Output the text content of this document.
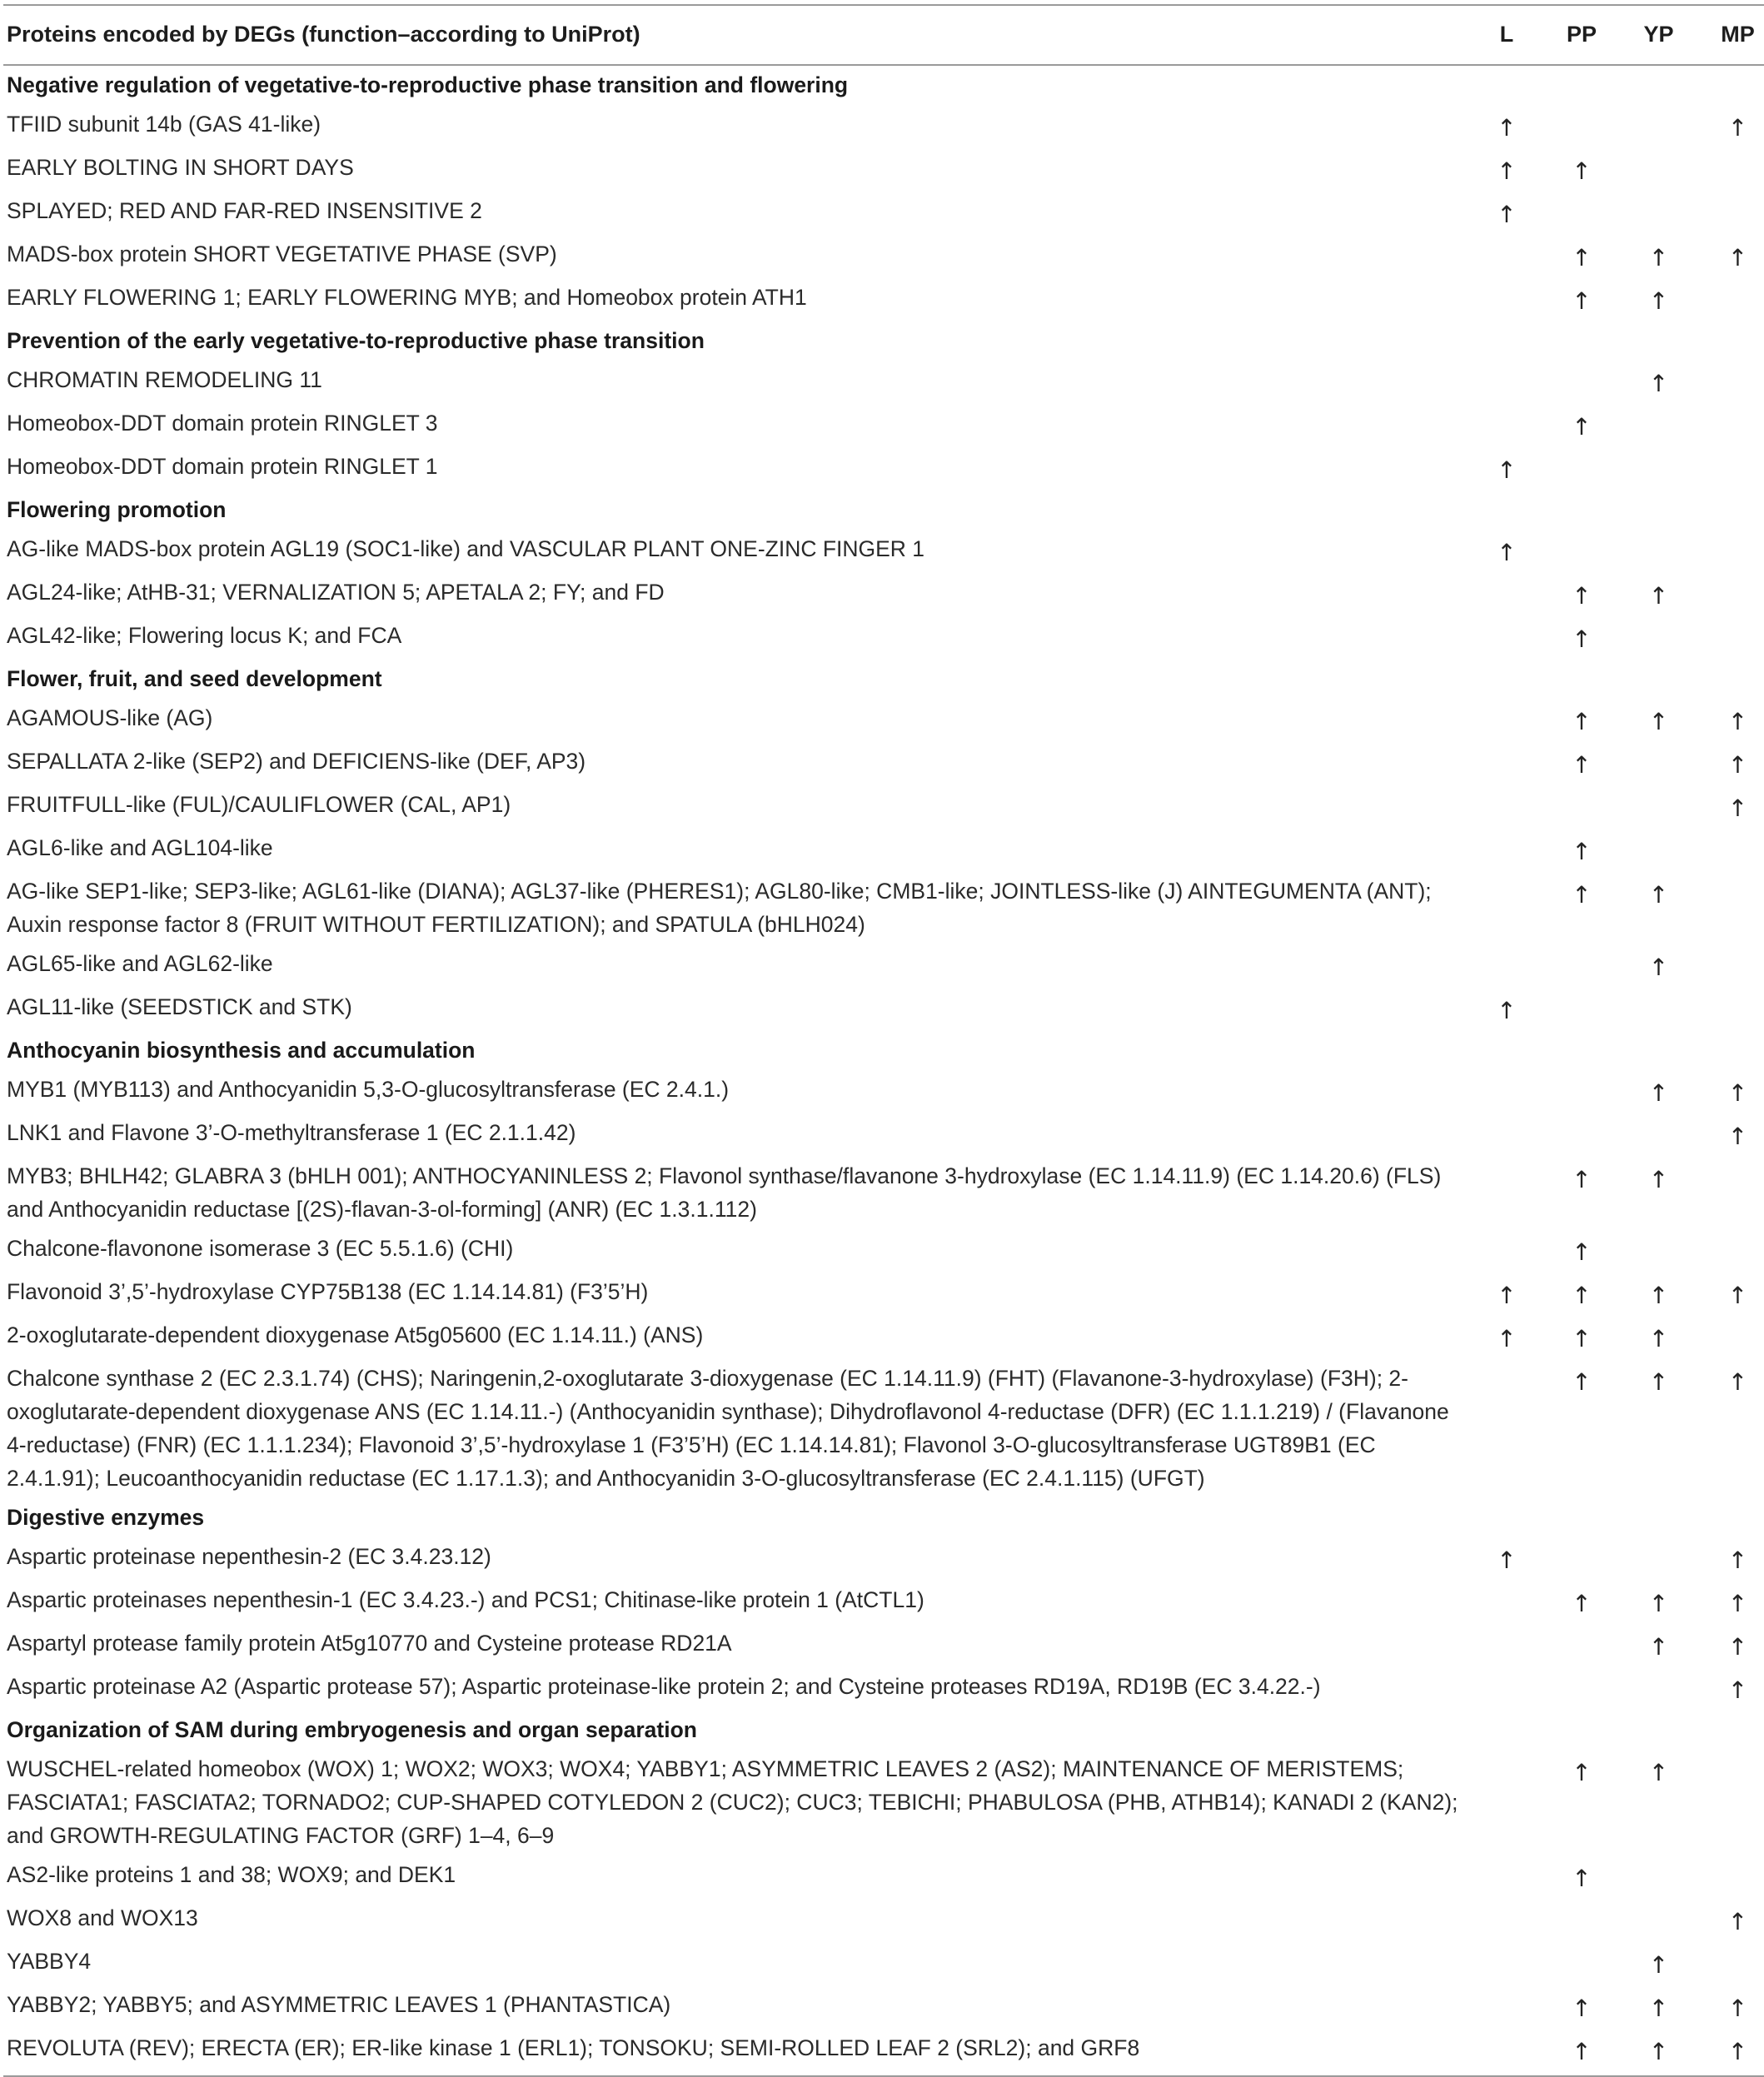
Proteins encoded by DEGs (function–according to UniProt)	L	PP	YP	MP
Negative regulation of vegetative-to-reproductive phase transition and flowering				
TFIID subunit 14b (GAS 41-like)	↑			↑
EARLY BOLTING IN SHORT DAYS	↑	↑		
SPLAYED; RED AND FAR-RED INSENSITIVE 2	↑			
MADS-box protein SHORT VEGETATIVE PHASE (SVP)		↑	↑	↑
EARLY FLOWERING 1; EARLY FLOWERING MYB; and Homeobox protein ATH1		↑	↑	
Prevention of the early vegetative-to-reproductive phase transition				
CHROMATIN REMODELING 11			↑	
Homeobox-DDT domain protein RINGLET 3		↑		
Homeobox-DDT domain protein RINGLET 1	↑			
Flowering promotion				
AG-like MADS-box protein AGL19 (SOC1-like) and VASCULAR PLANT ONE-ZINC FINGER 1	↑			
AGL24-like; AtHB-31; VERNALIZATION 5; APETALA 2; FY; and FD		↑	↑	
AGL42-like; Flowering locus K; and FCA		↑		
Flower, fruit, and seed development				
AGAMOUS-like (AG)		↑	↑	↑
SEPALLATA 2-like (SEP2) and DEFICIENS-like (DEF, AP3)		↑		↑
FRUITFULL-like (FUL)/CAULIFLOWER (CAL, AP1)				↑
AGL6-like and AGL104-like		↑		
AG-like SEP1-like; SEP3-like; AGL61-like (DIANA); AGL37-like (PHERES1); AGL80-like; CMB1-like; JOINTLESS-like (J) AINTEGUMENTA (ANT); Auxin response factor 8 (FRUIT WITHOUT FERTILIZATION); and SPATULA (bHLH024)		↑	↑	
AGL65-like and AGL62-like			↑	
AGL11-like (SEEDSTICK and STK)	↑			
Anthocyanin biosynthesis and accumulation				
MYB1 (MYB113) and Anthocyanidin 5,3-O-glucosyltransferase (EC 2.4.1.)			↑	↑
LNK1 and Flavone 3’-O-methyltransferase 1 (EC 2.1.1.42)				↑
MYB3; BHLH42; GLABRA 3 (bHLH 001); ANTHOCYANINLESS 2; Flavonol synthase/flavanone 3-hydroxylase (EC 1.14.11.9) (EC 1.14.20.6) (FLS) and Anthocyanidin reductase [(2S)-flavan-3-ol-forming] (ANR) (EC 1.3.1.112)		↑	↑	
Chalcone-flavonone isomerase 3 (EC 5.5.1.6) (CHI)		↑		
Flavonoid 3’,5’-hydroxylase CYP75B138 (EC 1.14.14.81) (F3’5’H)	↑	↑	↑	↑
2-oxoglutarate-dependent dioxygenase At5g05600 (EC 1.14.11.) (ANS)	↑	↑	↑	
Chalcone synthase 2 (EC 2.3.1.74) (CHS); Naringenin,2-oxoglutarate 3-dioxygenase (EC 1.14.11.9) (FHT) (Flavanone-3-hydroxylase) (F3H); 2-oxoglutarate-dependent dioxygenase ANS (EC 1.14.11.-) (Anthocyanidin synthase); Dihydroflavonol 4-reductase (DFR) (EC 1.1.1.219) / (Flavanone 4-reductase) (FNR) (EC 1.1.1.234); Flavonoid 3’,5’-hydroxylase 1 (F3’5’H) (EC 1.14.14.81); Flavonol 3-O-glucosyltransferase UGT89B1 (EC 2.4.1.91); Leucoanthocyanidin reductase (EC 1.17.1.3); and Anthocyanidin 3-O-glucosyltransferase (EC 2.4.1.115) (UFGT)		↑	↑	↑
Digestive enzymes				
Aspartic proteinase nepenthesin-2 (EC 3.4.23.12)	↑			↑
Aspartic proteinases nepenthesin-1 (EC 3.4.23.-) and PCS1; Chitinase-like protein 1 (AtCTL1)		↑	↑	↑
Aspartyl protease family protein At5g10770 and Cysteine protease RD21A			↑	↑
Aspartic proteinase A2 (Aspartic protease 57); Aspartic proteinase-like protein 2; and Cysteine proteases RD19A, RD19B (EC 3.4.22.-)				↑
Organization of SAM during embryogenesis and organ separation				
WUSCHEL-related homeobox (WOX) 1; WOX2; WOX3; WOX4; YABBY1; ASYMMETRIC LEAVES 2 (AS2); MAINTENANCE OF MERISTEMS; FASCIATA1; FASCIATA2; TORNADO2; CUP-SHAPED COTYLEDON 2 (CUC2); CUC3; TEBICHI; PHABULOSA (PHB, ATHB14); KANADI 2 (KAN2); and GROWTH-REGULATING FACTOR (GRF) 1–4, 6–9		↑	↑	
AS2-like proteins 1 and 38; WOX9; and DEK1		↑		
WOX8 and WOX13				↑
YABBY4			↑	
YABBY2; YABBY5; and ASYMMETRIC LEAVES 1 (PHANTASTICA)		↑	↑	↑
REVOLUTA (REV); ERECTA (ER); ER-like kinase 1 (ERL1); TONSOKU; SEMI-ROLLED LEAF 2 (SRL2); and GRF8		↑	↑	↑
